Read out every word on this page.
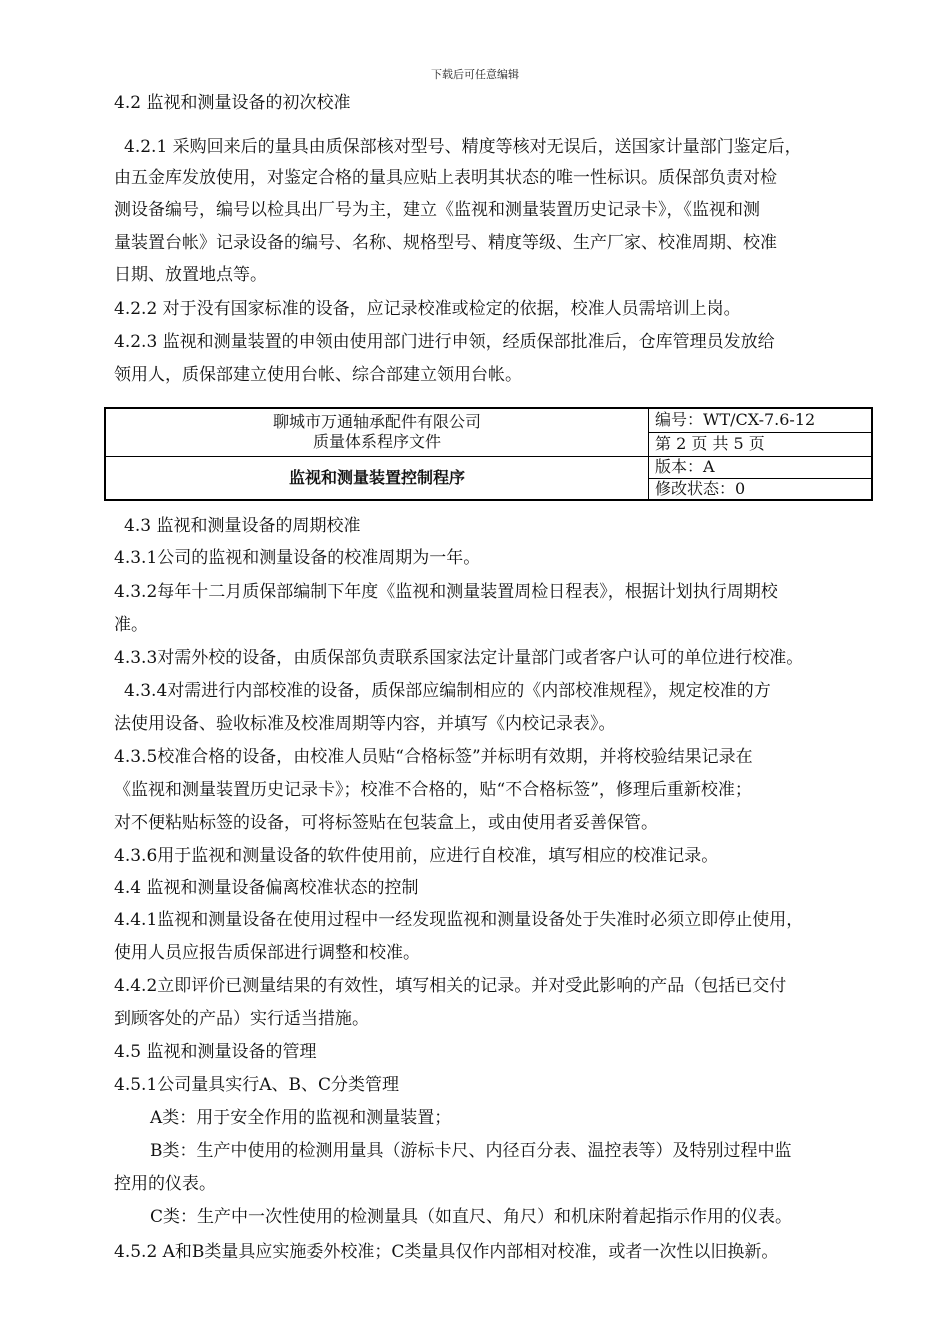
下载后可任意编辑
4.2 监视和测量设备的初次校准
4.2.1 采购回来后的量具由质保部核对型号、精度等核对无误后，送国家计量部门鉴定后，
由五金库发放使用，对鉴定合格的量具应贴上表明其状态的唯一性标识。质保部负责对检
测设备编号，编号以检具出厂号为主，建立《监视和测量装置历史记录卡》，《监视和测
量装置台帐》记录设备的编号、名称、规格型号、精度等级、生产厂家、校准周期、校准
日期、放置地点等。
4.2.2 对于没有国家标准的设备，应记录校准或检定的依据，校准人员需培训上岗。
4.2.3 监视和测量装置的申领由使用部门进行申领，经质保部批准后，仓库管理员发放给
领用人，质保部建立使用台帐、综合部建立领用台帐。
聊城市万通轴承配件有限公司
质量体系程序文件	编号：WT/CX-7.6-12
	第 2 页 共 5 页
监视和测量装置控制程序	版本：A
	修改状态：0
4.3 监视和测量设备的周期校准
4.3.1公司的监视和测量设备的校准周期为一年。
4.3.2每年十二月质保部编制下年度《监视和测量装置周检日程表》，根据计划执行周期校
准。
4.3.3对需外校的设备，由质保部负责联系国家法定计量部门或者客户认可的单位进行校准。
4.3.4对需进行内部校准的设备，质保部应编制相应的《内部校准规程》，规定校准的方
法使用设备、验收标准及校准周期等内容，并填写《内校记录表》。
4.3.5校准合格的设备，由校准人员贴“合格标签”并标明有效期，并将校验结果记录在
《监视和测量装置历史记录卡》；校准不合格的，贴“不合格标签”，修理后重新校准；
对不便粘贴标签的设备，可将标签贴在包装盒上，或由使用者妥善保管。
4.3.6用于监视和测量设备的软件使用前，应进行自校准，填写相应的校准记录。
4.4 监视和测量设备偏离校准状态的控制
4.4.1监视和测量设备在使用过程中一经发现监视和测量设备处于失准时必须立即停止使用，
使用人员应报告质保部进行调整和校准。
4.4.2立即评价已测量结果的有效性，填写相关的记录。并对受此影响的产品（包括已交付
到顾客处的产品）实行适当措施。
4.5 监视和测量设备的管理
4.5.1公司量具实行A、B、C分类管理
A类：用于安全作用的监视和测量装置；
B类：生产中使用的检测用量具（游标卡尺、内径百分表、温控表等）及特别过程中监
控用的仪表。
C类：生产中一次性使用的检测量具（如直尺、角尺）和机床附着起指示作用的仪表。
4.5.2 A和B类量具应实施委外校准；C类量具仅作内部相对校准，或者一次性以旧换新。
